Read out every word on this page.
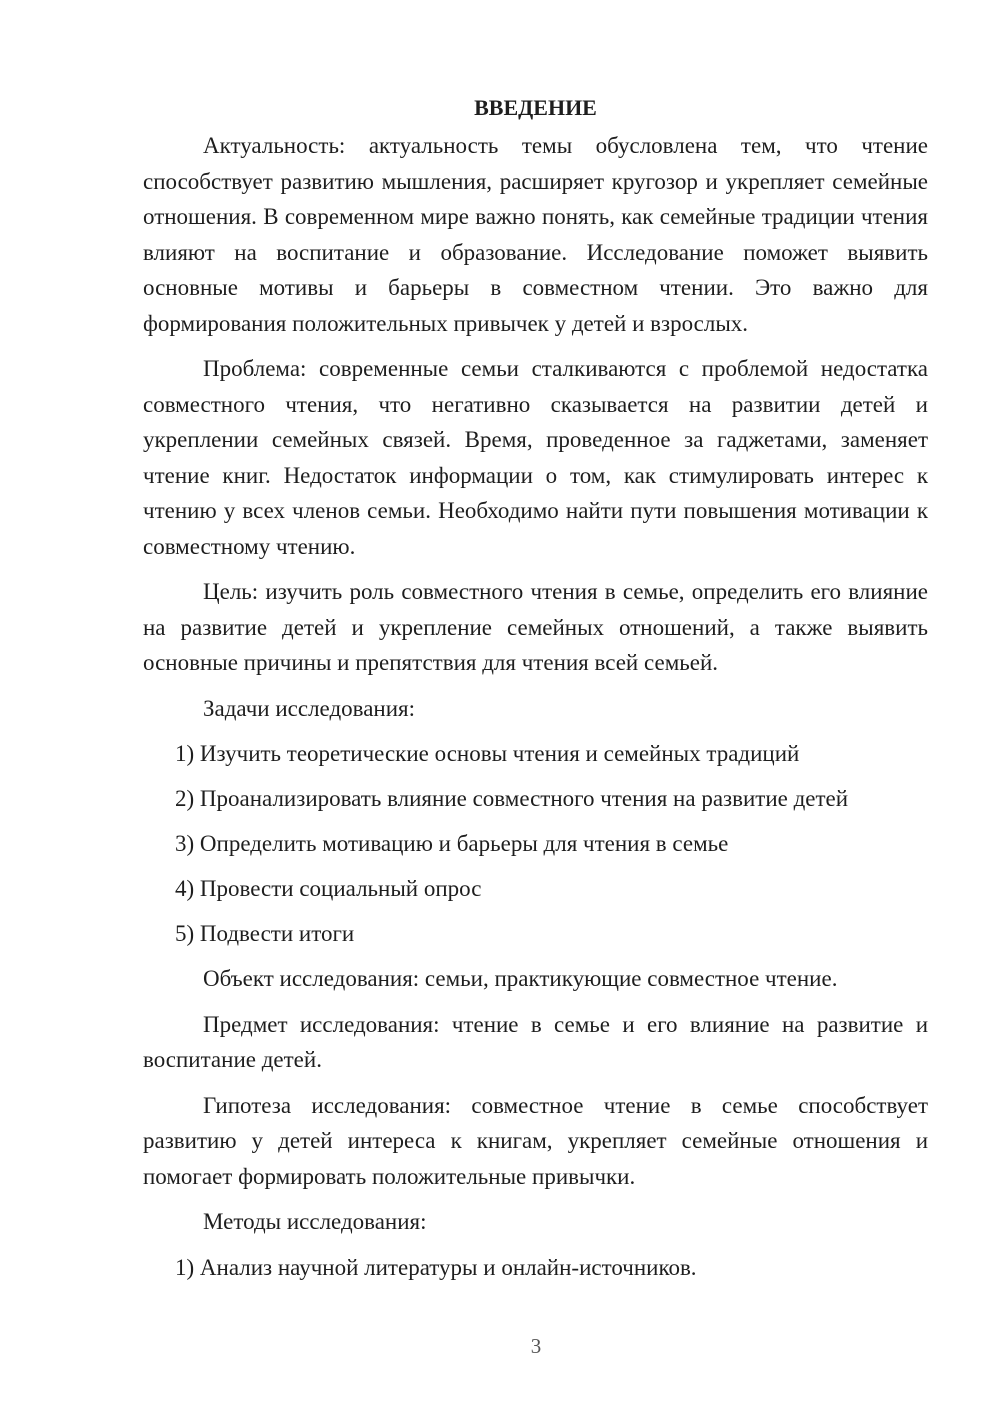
ВВЕДЕНИЕ

Актуальность: актуальность темы обусловлена тем, что чтение способствует развитию мышления, расширяет кругозор и укрепляет семейные отношения. В современном мире важно понять, как семейные традиции чтения влияют на воспитание и образование. Исследование поможет выявить основные мотивы и барьеры в совместном чтении. Это важно для формирования положительных привычек у детей и взрослых.

Проблема: современные семьи сталкиваются с проблемой недостатка совместного чтения, что негативно сказывается на развитии детей и укреплении семейных связей. Время, проведенное за гаджетами, заменяет чтение книг. Недостаток информации о том, как стимулировать интерес к чтению у всех членов семьи. Необходимо найти пути повышения мотивации к совместному чтению.

Цель: изучить роль совместного чтения в семье, определить его влияние на развитие детей и укрепление семейных отношений, а также выявить основные причины и препятствия для чтения всей семьей.

Задачи исследования:
1) Изучить теоретические основы чтения и семейных традиций
2) Проанализировать влияние совместного чтения на развитие детей
3) Определить мотивацию и барьеры для чтения в семье
4) Провести социальный опрос
5) Подвести итоги
Объект исследования: семьи, практикующие совместное чтение.

Предмет исследования: чтение в семье и его влияние на развитие и воспитание детей.

Гипотеза исследования: совместное чтение в семье способствует развитию у детей интереса к книгам, укрепляет семейные отношения и помогает формировать положительные привычки.

Методы исследования:
1) Анализ научной литературы и онлайн-источников.
3
